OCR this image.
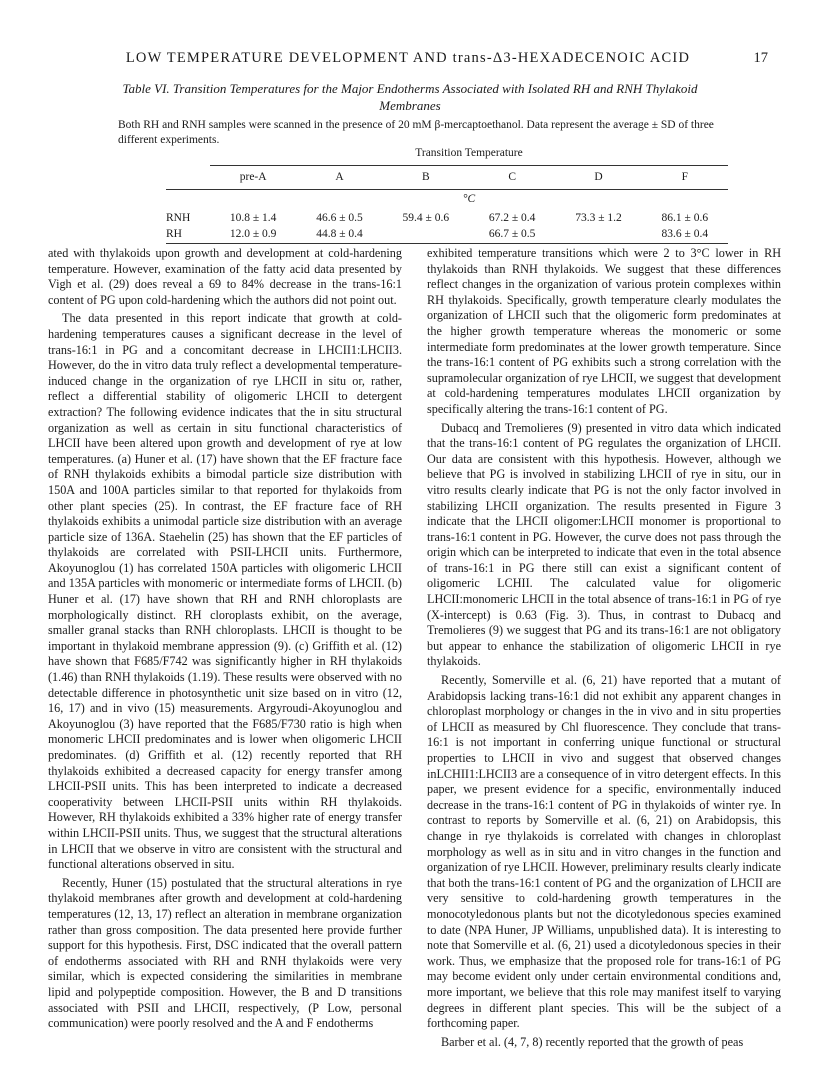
LOW TEMPERATURE DEVELOPMENT AND trans-Δ3-HEXADECENOIC ACID	17
Table VI. Transition Temperatures for the Major Endotherms Associated with Isolated RH and RNH Thylakoid Membranes
Both RH and RNH samples were scanned in the presence of 20 mM β-mercaptoethanol. Data represent the average ± SD of three different experiments.
	Transition Temperature					
	pre-A	A	B	C	D	F
	°C					
RNH	10.8 ± 1.4	46.6 ± 0.5	59.4 ± 0.6	67.2 ± 0.4	73.3 ± 1.2	86.1 ± 0.6
RH	12.0 ± 0.9	44.8 ± 0.4		66.7 ± 0.5		83.6 ± 0.4

ated with thylakoids upon growth and development at cold-hardening temperature. However, examination of the fatty acid data presented by Vigh et al. (29) does reveal a 69 to 84% decrease in the trans-16:1 content of PG upon cold-hardening which the authors did not point out.

The data presented in this report indicate that growth at cold-hardening temperatures causes a significant decrease in the level of trans-16:1 in PG and a concomitant decrease in LHCII1:LHCII3. However, do the in vitro data truly reflect a developmental temperature-induced change in the organization of rye LHCII in situ or, rather, reflect a differential stability of oligomeric LHCII to detergent extraction? The following evidence indicates that the in situ structural organization as well as certain in situ functional characteristics of LHCII have been altered upon growth and development of rye at low temperatures. (a) Huner et al. (17) have shown that the EF fracture face of RNH thylakoids exhibits a bimodal particle size distribution with 150A and 100A particles similar to that reported for thylakoids from other plant species (25). In contrast, the EF fracture face of RH thylakoids exhibits a unimodal particle size distribution with an average particle size of 136A. Staehelin (25) has shown that the EF particles of thylakoids are correlated with PSII-LHCII units. Furthermore, Akoyunoglou (1) has correlated 150A particles with oligomeric LHCII and 135A particles with monomeric or intermediate forms of LHCII. (b) Huner et al. (17) have shown that RH and RNH chloroplasts are morphologically distinct. RH cloroplasts exhibit, on the average, smaller granal stacks than RNH chloroplasts. LHCII is thought to be important in thylakoid membrane appression (9). (c) Griffith et al. (12) have shown that F685/F742 was significantly higher in RH thylakoids (1.46) than RNH thylakoids (1.19). These results were observed with no detectable difference in photosynthetic unit size based on in vitro (12, 16, 17) and in vivo (15) measurements. Argyroudi-Akoyunoglou and Akoyunoglou (3) have reported that the F685/F730 ratio is high when monomeric LHCII predominates and is lower when oligomeric LHCII predominates. (d) Griffith et al. (12) recently reported that RH thylakoids exhibited a decreased capacity for energy transfer among LHCII-PSII units. This has been interpreted to indicate a decreased cooperativity between LHCII-PSII units within RH thylakoids. However, RH thylakoids exhibited a 33% higher rate of energy transfer within LHCII-PSII units. Thus, we suggest that the structural alterations in LHCII that we observe in vitro are consistent with the structural and functional alterations observed in situ.

Recently, Huner (15) postulated that the structural alterations in rye thylakoid membranes after growth and development at cold-hardening temperatures (12, 13, 17) reflect an alteration in membrane organization rather than gross composition. The data presented here provide further support for this hypothesis. First, DSC indicated that the overall pattern of endotherms associated with RH and RNH thylakoids were very similar, which is expected considering the similarities in membrane lipid and polypeptide composition. However, the B and D transitions associated with PSII and LHCII, respectively, (P Low, personal communication) were poorly resolved and the A and F endotherms

exhibited temperature transitions which were 2 to 3°C lower in RH thylakoids than RNH thylakoids. We suggest that these differences reflect changes in the organization of various protein complexes within RH thylakoids. Specifically, growth temperature clearly modulates the organization of LHCII such that the oligomeric form predominates at the higher growth temperature whereas the monomeric or some intermediate form predominates at the lower growth temperature. Since the trans-16:1 content of PG exhibits such a strong correlation with the supramolecular organization of rye LHCII, we suggest that development at cold-hardening temperatures modulates LHCII organization by specifically altering the trans-16:1 content of PG.

Dubacq and Tremolieres (9) presented in vitro data which indicated that the trans-16:1 content of PG regulates the organization of LHCII. Our data are consistent with this hypothesis. However, although we believe that PG is involved in stabilizing LHCII of rye in situ, our in vitro results clearly indicate that PG is not the only factor involved in stabilizing LHCII organization. The results presented in Figure 3 indicate that the LHCII oligomer:LHCII monomer is proportional to trans-16:1 content in PG. However, the curve does not pass through the origin which can be interpreted to indicate that even in the total absence of trans-16:1 in PG there still can exist a significant content of oligomeric LCHII. The calculated value for oligomeric LHCII:monomeric LHCII in the total absence of trans-16:1 in PG of rye (X-intercept) is 0.63 (Fig. 3). Thus, in contrast to Dubacq and Tremolieres (9) we suggest that PG and its trans-16:1 are not obligatory but appear to enhance the stabilization of oligomeric LHCII in rye thylakoids.

Recently, Somerville et al. (6, 21) have reported that a mutant of Arabidopsis lacking trans-16:1 did not exhibit any apparent changes in chloroplast morphology or changes in the in vivo and in situ properties of LHCII as measured by Chl fluorescence. They conclude that trans-16:1 is not important in conferring unique functional or structural properties to LHCII in vivo and suggest that observed changes inLCHII1:LHCII3 are a consequence of in vitro detergent effects. In this paper, we present evidence for a specific, environmentally induced decrease in the trans-16:1 content of PG in thylakoids of winter rye. In contrast to reports by Somerville et al. (6, 21) on Arabidopsis, this change in rye thylakoids is correlated with changes in chloroplast morphology as well as in situ and in vitro changes in the function and organization of rye LHCII. However, preliminary results clearly indicate that both the trans-16:1 content of PG and the organization of LHCII are very sensitive to cold-hardening growth temperatures in the monocotyledonous plants but not the dicotyledonous species examined to date (NPA Huner, JP Williams, unpublished data). It is interesting to note that Somerville et al. (6, 21) used a dicotyledonous species in their work. Thus, we emphasize that the proposed role for trans-16:1 of PG may become evident only under certain environmental conditions and, more important, we believe that this role may manifest itself to varying degrees in different plant species. This will be the subject of a forthcoming paper.

Barber et al. (4, 7, 8) recently reported that the growth of peas
